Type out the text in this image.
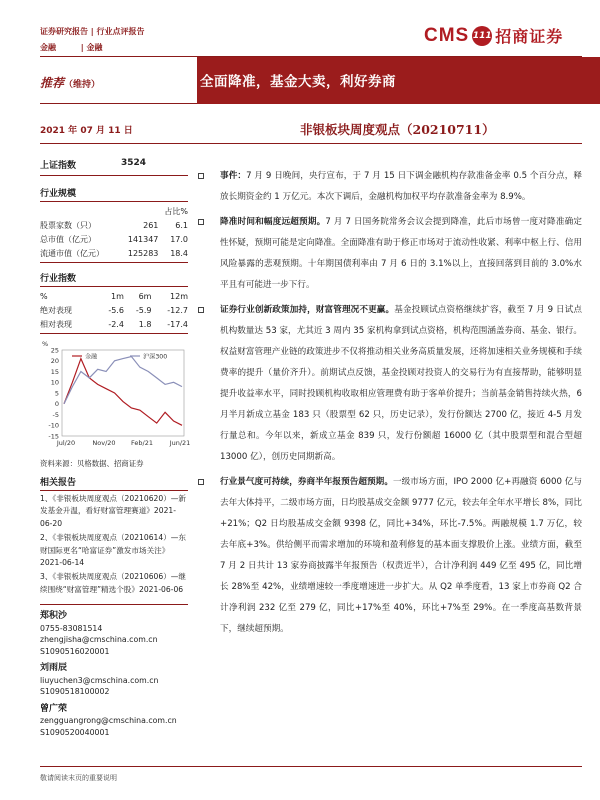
证券研究报告 | 行业点评报告
金融	| 金融
CMS 111 招商证券
推荐（维持）	全面降准，基金大卖，利好券商
2021 年 07 月 11 日	非银板块周度观点（20210711）
上证指数	3524
行业规模
		占比%
股票家数（只）	261	6.1
总市值（亿元）	141347	17.0
流通市值（亿元）	125283	18.4
行业指数
%	1m	6m	12m
绝对表现	-5.6	-5.9	-12.7
相对表现	-2.4	1.8	-17.4
%
25
20
15
10
5
0
-5
-10
-15
Jul/20	Nov/20 Feb/21	Jun/21
金融	沪深300
资料来源：贝格数据、招商证券
相关报告
1、《非银板块周度观点（20210620）—新发基金升温，看好财富管理赛道》2021-06-20
2、《非银板块周度观点（20210614）—东财国际更名“哈富证券”激发市场关注》2021-06-14
3、《非银板块周度观点（20210606）—继续围绕“财富管理”精选个股》2021-06-06
郑积沙
0755-83081514
zhengjisha@cmschina.com.cn
S1090516020001
刘雨辰
liuyuchen3@cmschina.com.cn
S1090518100002
曾广荣
zengguangrong@cmschina.com.cn
S1090520040001
事件：7 月 9 日晚间，央行宣布，于 7 月 15 日下调金融机构存款准备金率 0.5 个百分点，释放长期资金约 1 万亿元。本次下调后，金融机构加权平均存款准备金率为 8.9%。
降准时间和幅度远超预期。7 月 7 日国务院常务会议会提到降准，此后市场曾一度对降准确定性怀疑，预期可能是定向降准。全面降准有助于修正市场对于流动性收紧、利率中枢上行、信用风险暴露的悲观预期。十年期国债利率由 7 月 6 日的 3.1%以上，直接回落到目前的 3.0%水平且有可能进一步下行。
证券行业创新政策加持，财富管理况不更赢。基金投顾试点资格继续扩容，截至 7 月 9 日试点机构数量达 53 家，尤其近 3 周内 35 家机构拿到试点资格，机构范围涵盖券商、基金、银行。权益财富管理产业链的政策进步不仅将推动相关业务高质量发展，还将加速相关业务规模和手续费率的提升（量价齐升）。前期试点反馈，基金投顾对投资人的交易行为有直接帮助，能够明显提升收益率水平，同时投顾机构收取相应管理费有助于客单价提升；当前基金销售持续火热，6 月半月新成立基金 183 只（股票型 62 只，历史记录），发行份额达 2700 亿，接近 4-5 月发行量总和。今年以来，新成立基金 839 只，发行份额超 16000 亿（其中股票型和混合型超 13000 亿），创历史同期新高。
行业景气度可持续，券商半年报预告超预期。一级市场方面，IPO 2000 亿+再融资 6000 亿与去年大体持平，二级市场方面，日均股基成交金额 9777 亿元，较去年全年水平增长 8%，同比+21%；Q2 日均股基成交金额 9398 亿，同比+34%，环比-7.5%。两融规模 1.7 万亿，较去年底+3%。供给侧平而需求增加的环境和盈利修复的基本面支撑股价上涨。业绩方面，截至 7 月 2 日共计 13 家券商披露半年报预告（权责近半），合计净利润 449 亿至 495 亿，同比增长 28%至 42%，业绩增速较一季度增速进一步扩大。从 Q2 单季度看，13 家上市券商 Q2 合计净利润 232 亿至 279 亿，同比+17%至 40%，环比+7%至 29%。在一季度高基数背景下，继续超预期。
敬请阅读末页的重要说明
